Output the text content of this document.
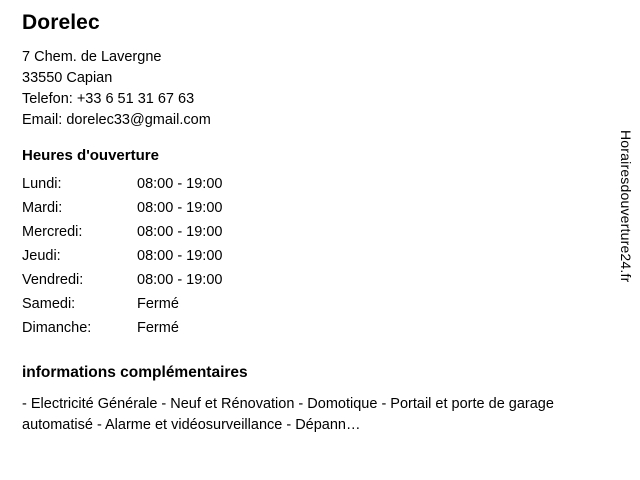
Dorelec
7 Chem. de Lavergne
33550 Capian
Telefon: +33 6 51 31 67 63
Email: dorelec33@gmail.com
Heures d'ouverture
Lundi:	08:00 - 19:00
Mardi:	08:00 - 19:00
Mercredi:	08:00 - 19:00
Jeudi:	08:00 - 19:00
Vendredi:	08:00 - 19:00
Samedi:	Fermé
Dimanche:	Fermé
informations complémentaires
- Electricité Générale - Neuf et Rénovation - Domotique - Portail et porte de garage automatisé - Alarme et vidéosurveillance - Dépann…
Horairesdouverture24.fr
